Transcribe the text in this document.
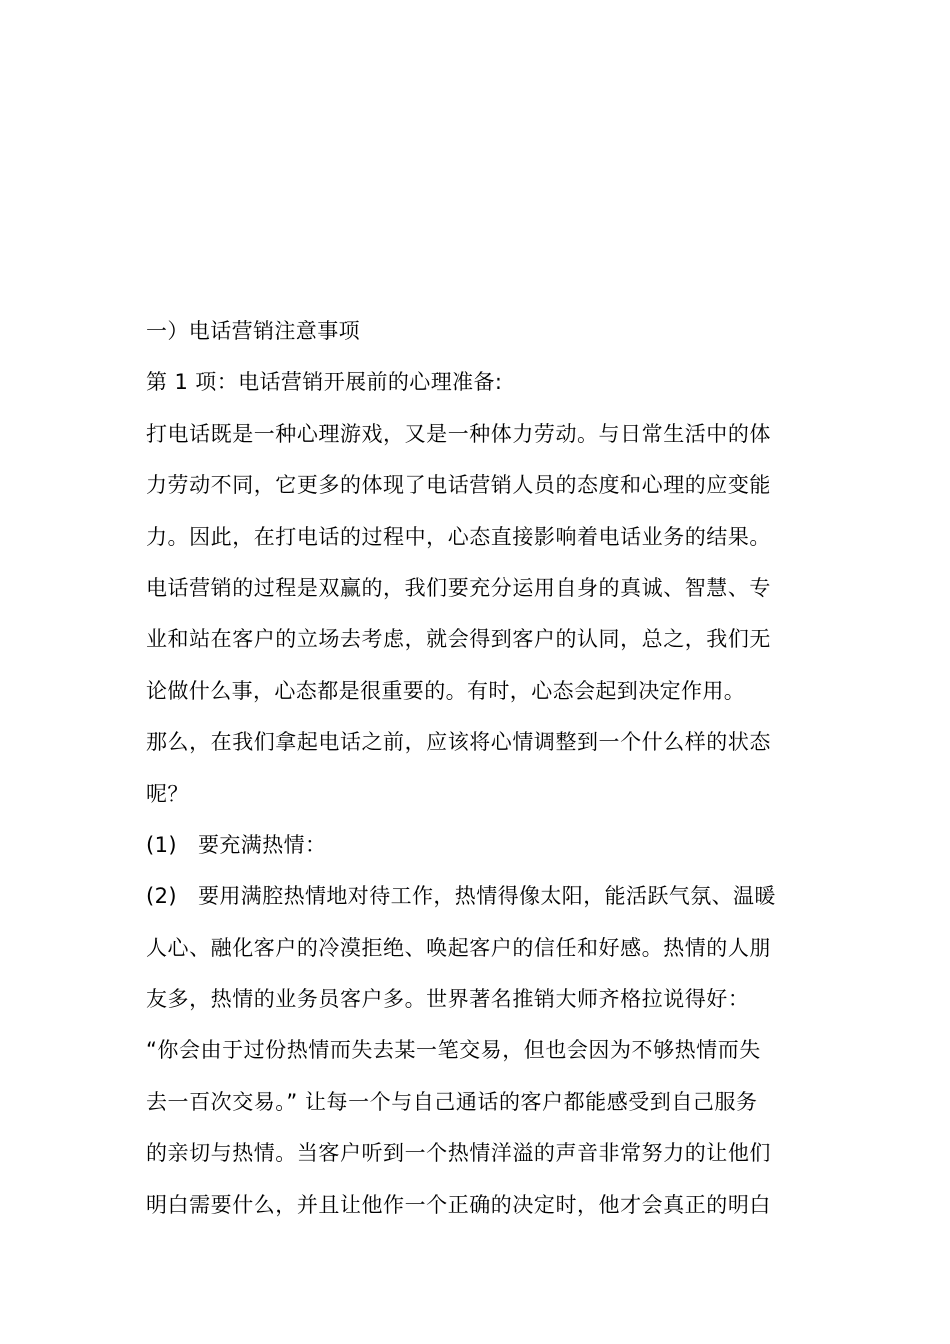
一）电话营销注意事项
第 1 项：电话营销开展前的心理准备:
打电话既是一种心理游戏，又是一种体力劳动。与日常生活中的体
力劳动不同，它更多的体现了电话营销人员的态度和心理的应变能
力。因此，在打电话的过程中，心态直接影响着电话业务的结果。
电话营销的过程是双赢的，我们要充分运用自身的真诚、智慧、专
业和站在客户的立场去考虑，就会得到客户的认同，总之，我们无
论做什么事，心态都是很重要的。有时，心态会起到决定作用。
那么，在我们拿起电话之前，应该将心情调整到一个什么样的状态
呢？
(1) 要充满热情：
(2) 要用满腔热情地对待工作，热情得像太阳，能活跃气氛、温暖
人心、融化客户的冷漠拒绝、唤起客户的信任和好感。热情的人朋
友多，热情的业务员客户多。世界著名推销大师齐格拉说得好：
“你会由于过份热情而失去某一笔交易，但也会因为不够热情而失
去一百次交易。” 让每一个与自己通话的客户都能感受到自己服务
的亲切与热情。当客户听到一个热情洋溢的声音非常努力的让他们
明白需要什么，并且让他作一个正确的决定时，他才会真正的明白
